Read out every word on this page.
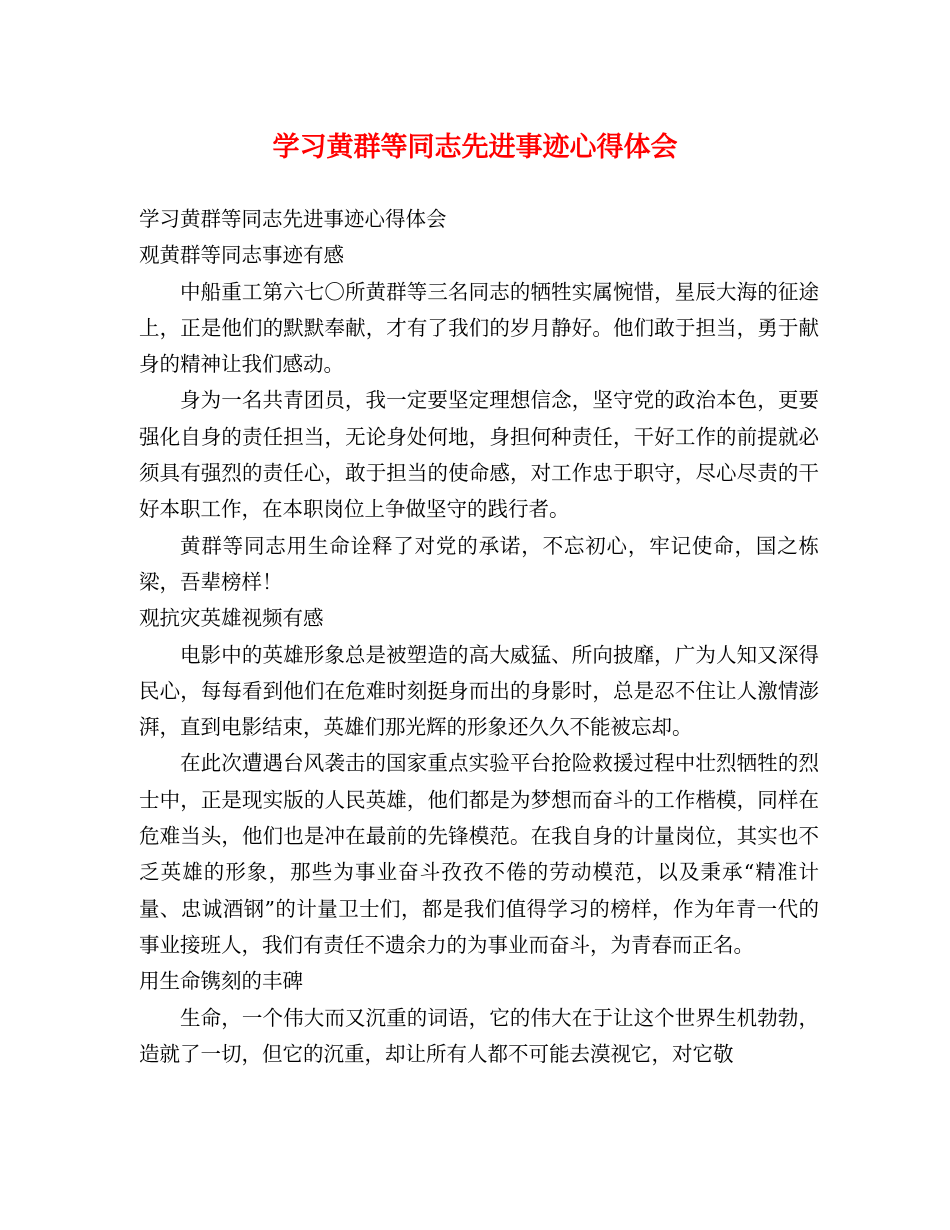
学习黄群等同志先进事迹心得体会

学习黄群等同志先进事迹心得体会

观黄群等同志事迹有感

中船重工第六七〇所黄群等三名同志的牺牲实属惋惜，星辰大海的征途上，正是他们的默默奉献，才有了我们的岁月静好。他们敢于担当，勇于献身的精神让我们感动。

身为一名共青团员，我一定要坚定理想信念，坚守党的政治本色，更要强化自身的责任担当，无论身处何地，身担何种责任，干好工作的前提就必须具有强烈的责任心，敢于担当的使命感，对工作忠于职守，尽心尽责的干好本职工作，在本职岗位上争做坚守的践行者。

黄群等同志用生命诠释了对党的承诺，不忘初心，牢记使命，国之栋梁，吾辈榜样！

观抗灾英雄视频有感

电影中的英雄形象总是被塑造的高大威猛、所向披靡，广为人知又深得民心，每每看到他们在危难时刻挺身而出的身影时，总是忍不住让人激情澎湃，直到电影结束，英雄们那光辉的形象还久久不能被忘却。

在此次遭遇台风袭击的国家重点实验平台抢险救援过程中壮烈牺牲的烈士中，正是现实版的人民英雄，他们都是为梦想而奋斗的工作楷模，同样在危难当头，他们也是冲在最前的先锋模范。在我自身的计量岗位，其实也不乏英雄的形象，那些为事业奋斗孜孜不倦的劳动模范，以及秉承“精准计量、忠诚酒钢”的计量卫士们，都是我们值得学习的榜样，作为年青一代的事业接班人，我们有责任不遗余力的为事业而奋斗，为青春而正名。

用生命镌刻的丰碑

生命，一个伟大而又沉重的词语，它的伟大在于让这个世界生机勃勃，造就了一切，但它的沉重，却让所有人都不可能去漠视它，对它敬
